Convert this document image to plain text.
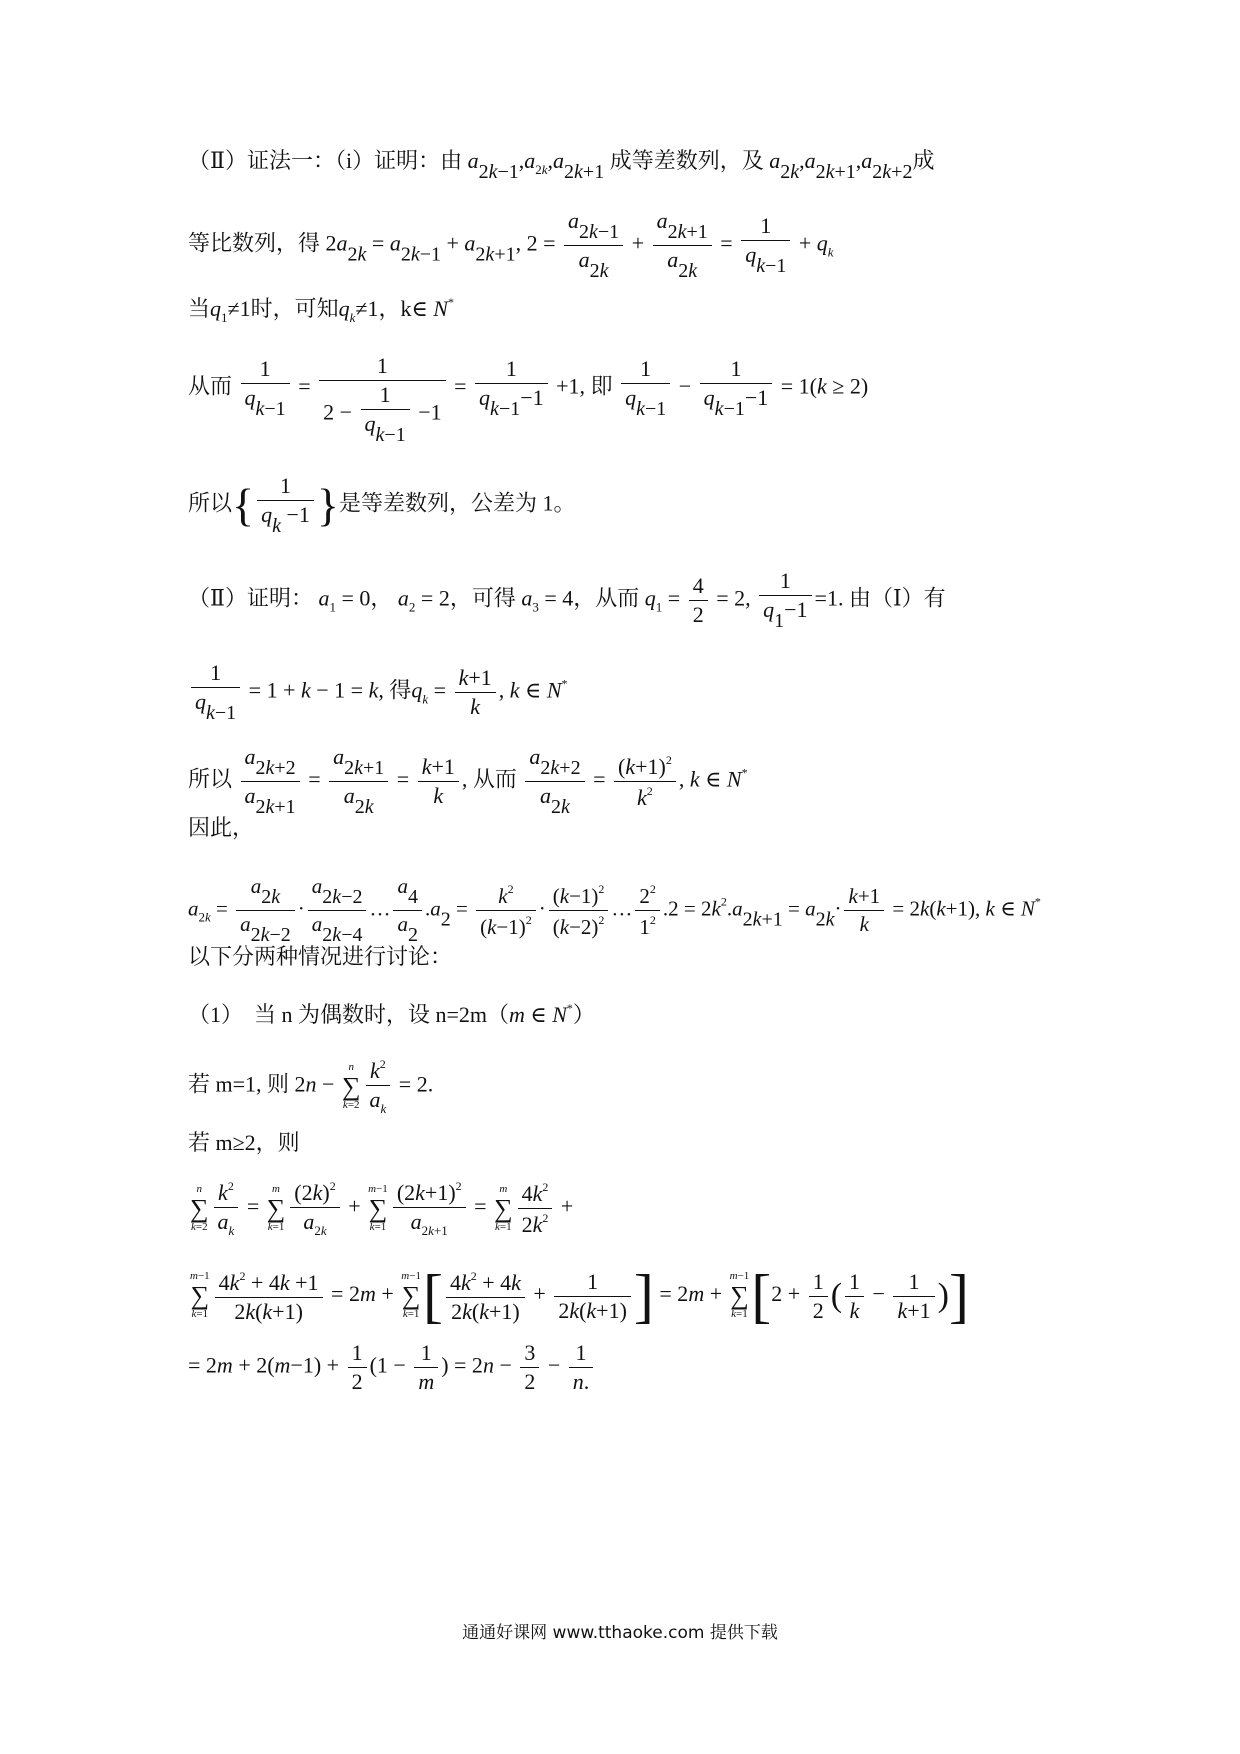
（Ⅱ）证法一：（i）证明：由 $a2k-1,a_{2k},a2k+1$ 成等差数列，及 a2k,a2k+1,a2k+2成
等比数列，得 2a2k = a2k−1 + a2k+1, $2 = \frac{a2k-1}{a2k} + \frac{a2k+1}{a2k} = \frac{1}{qk-1} + q_k$
当$q_1\ne 1$时，可知$q_k\ne 1$，k∈ N*
从而 $\frac{1}{qk-1} = \frac{1}{2 - \frac{1}{qk-1} -1} = \frac{1}{qk-1-1} +1$, 即 $\frac{1}{qk-1} - \frac{1}{qk-1-1} = 1(k \ge 2)$
所以{ $\frac{1}{qk -1}$ }是等差数列，公差为 1。
（Ⅱ）证明： $a_1 = 0$， $a_2 = 2$，可得 $a_3 = 4$，从而 $q_1 = \frac{4}{2} = 2$, $\frac{1}{q1-1} =1$. 由（Ⅰ）有
$\frac{1}{qk-1} = 1 + k - 1 = k$, 得$q_k = \frac{k+1}{k}$ , k ∈ N*
所以 $\frac{a2k+2}{a2k+1} = \frac{a2k+1}{a2k} = \frac{k+1}{k}$ , 从而 $\frac{a2k+2}{a2k} = \frac{(k+1)^2}{k^2}$ , k ∈ N*
因此，
$a_{2k} = \frac{a2k}{a2k-2} \cdot \frac{a2k-2}{a2k-4}$ … $\frac{a4}{a2} .a2 = \frac{k^2}{(k-1)^2} \cdot \frac{(k-1)^2}{(k-2)^2}$ … $\frac{2^2}{1^2} .2 = 2k^2.a2k+1 = a2k\cdot \frac{k+1}{k} = 2k(k+1)$, k ∈ N*
以下分两种情况进行讨论：
（1）　当 n 为偶数时，设 n=2m（m ∈ N*）
若 m=1, 则 2n − n
∑
$k=2 \frac{k^2}{a_k} = 2$.
若 m≥2，则
n
∑
$k=2 \frac{k^2}{a_k} = m$
∑
$k=1 \frac{(2k)^2}{a_{2k}} + m-1$
∑
$k=1 \frac{(2k+1)^2}{a_{2k+1}} = m$
∑
$k=1 \frac{4k^2}{2k^2}$ +
m−1
∑
$k=1 \frac{4k^2 + 4k +1}{2k(k+1)} = 2m + m-1$
∑
$k=1[ \frac{4k^2 + 4k}{2k(k+1)} + \frac{1}{2k(k+1)}$ ] = 2m + m−1
∑
$k=1[2 + \frac{1}{2}$ ( $\frac{1}{k} - \frac{1}{k+1}$ )]
= $2m + 2(m-1) + \frac{1}{2} (1 - \frac{1}{m}$ ) = $2n - \frac{3}{2} - \frac{1}{n.}$
通通好课网 www.tthaoke.com 提供下载
